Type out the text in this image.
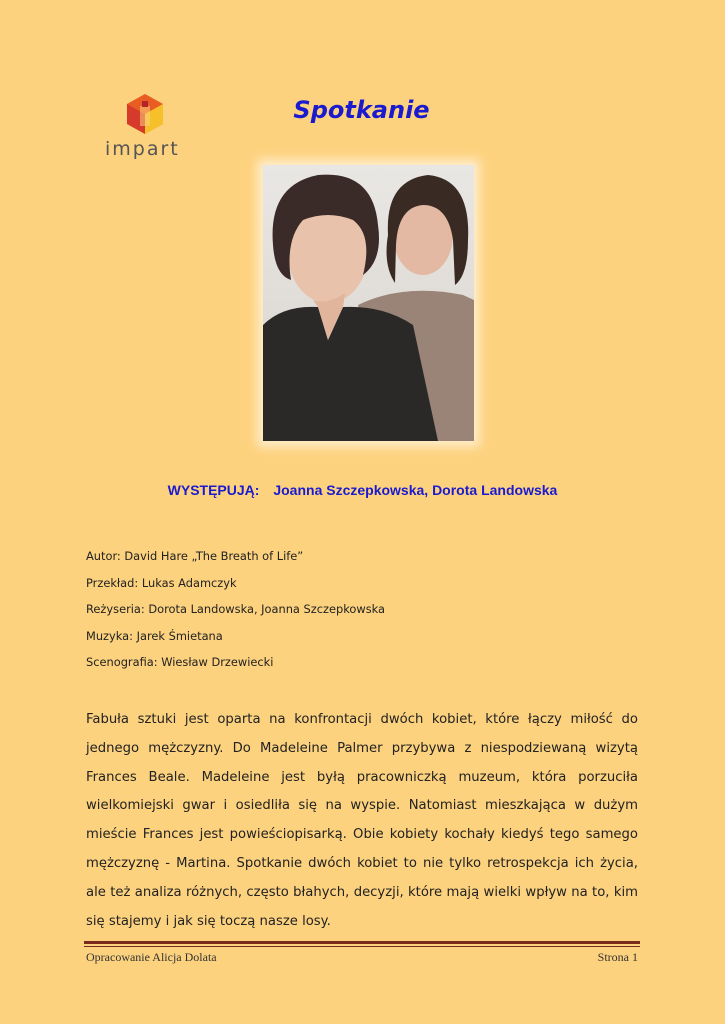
impart
Spotkanie
WYSTĘPUJĄ: Joanna Szczepkowska, Dorota Landowska
Autor: David Hare „The Breath of Life”
Przekład: Lukas Adamczyk
Reżyseria: Dorota Landowska, Joanna Szczepkowska
Muzyka: Jarek Śmietana
Scenografia: Wiesław Drzewiecki
Fabuła sztuki jest oparta na konfrontacji dwóch kobiet, które łączy miłość do jednego mężczyzny. Do Madeleine Palmer przybywa z niespodziewaną wizytą Frances Beale. Madeleine jest byłą pracowniczką muzeum, która porzuciła wielkomiejski gwar i osiedliła się na wyspie. Natomiast mieszkająca w dużym mieście Frances jest powieściopisarką. Obie kobiety kochały kiedyś tego samego mężczyznę - Martina. Spotkanie dwóch kobiet to nie tylko retrospekcja ich życia, ale też analiza różnych, często błahych, decyzji, które mają wielki wpływ na to, kim się stajemy i jak się toczą nasze losy.
Opracowanie Alicja Dolata	Strona 1
